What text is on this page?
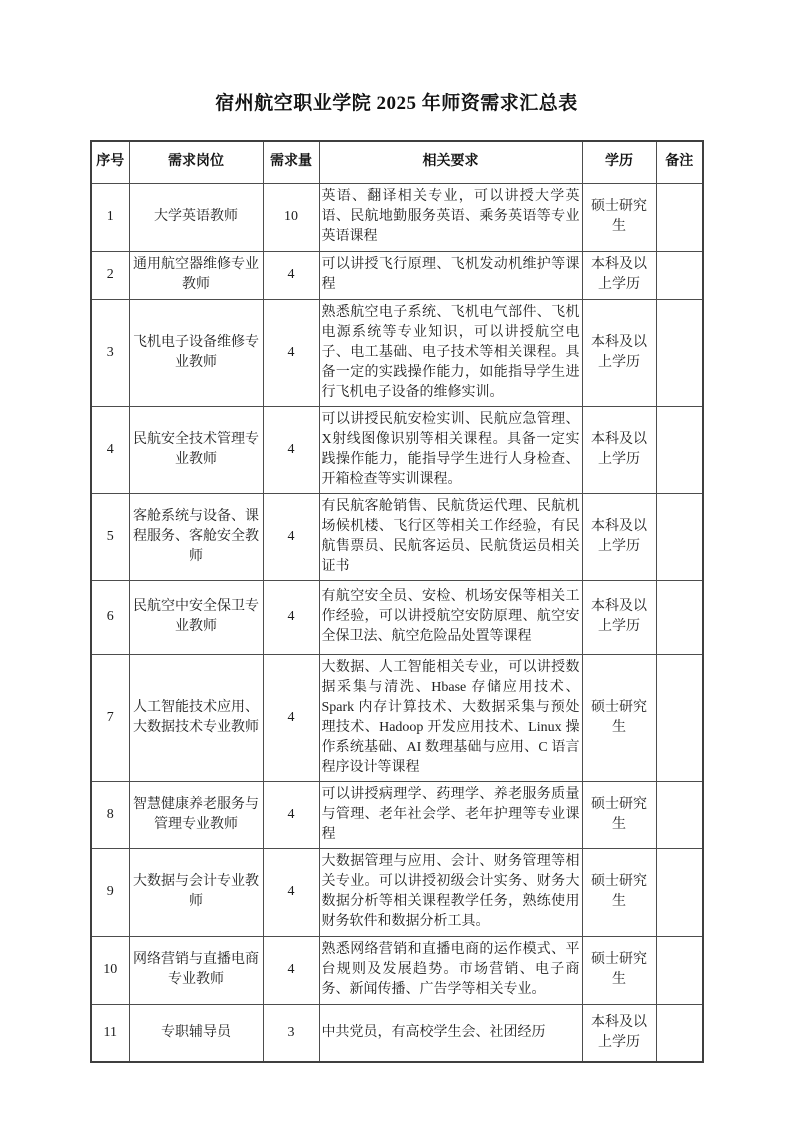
宿州航空职业学院 2025 年师资需求汇总表
序号	需求岗位	需求量	相关要求	学历	备注
1	大学英语教师	10	英语、翻译相关专业，可以讲授大学英语、民航地勤服务英语、乘务英语等专业英语课程	硕士研究生	
2	通用航空器维修专业教师	4	可以讲授飞行原理、飞机发动机维护等课程	本科及以上学历	
3	飞机电子设备维修专业教师	4	熟悉航空电子系统、飞机电气部件、飞机电源系统等专业知识，可以讲授航空电子、电工基础、电子技术等相关课程。具备一定的实践操作能力，如能指导学生进行飞机电子设备的维修实训。	本科及以上学历	
4	民航安全技术管理专业教师	4	可以讲授民航安检实训、民航应急管理、X射线图像识别等相关课程。具备一定实践操作能力，能指导学生进行人身检查、开箱检查等实训课程。	本科及以上学历	
5	客舱系统与设备、课程服务、客舱安全教师	4	有民航客舱销售、民航货运代理、民航机场候机楼、飞行区等相关工作经验，有民航售票员、民航客运员、民航货运员相关证书	本科及以上学历	
6	民航空中安全保卫专业教师	4	有航空安全员、安检、机场安保等相关工作经验，可以讲授航空安防原理、航空安全保卫法、航空危险品处置等课程	本科及以上学历	
7	人工智能技术应用、大数据技术专业教师	4	大数据、人工智能相关专业，可以讲授数据采集与清洗、Hbase 存储应用技术、Spark 内存计算技术、大数据采集与预处理技术、Hadoop 开发应用技术、Linux 操作系统基础、AI 数理基础与应用、C 语言程序设计等课程	硕士研究生	
8	智慧健康养老服务与管理专业教师	4	可以讲授病理学、药理学、养老服务质量与管理、老年社会学、老年护理等专业课程	硕士研究生	
9	大数据与会计专业教师	4	大数据管理与应用、会计、财务管理等相关专业。可以讲授初级会计实务、财务大数据分析等相关课程教学任务，熟练使用财务软件和数据分析工具。	硕士研究生	
10	网络营销与直播电商专业教师	4	熟悉网络营销和直播电商的运作模式、平台规则及发展趋势。市场营销、电子商务、新闻传播、广告学等相关专业。	硕士研究生	
11	专职辅导员	3	中共党员，有高校学生会、社团经历	本科及以上学历	
